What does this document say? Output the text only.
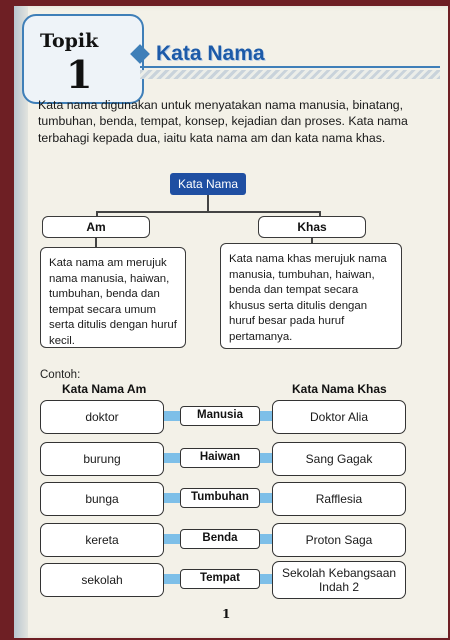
Topik
1	Kata Nama
Kata nama digunakan untuk menyatakan nama manusia, binatang, tumbuhan, benda, tempat, konsep, kejadian dan proses. Kata nama terbahagi kepada dua, iaitu kata nama am dan kata nama khas.
Kata Nama
Am	Khas
Kata nama am merujuk nama manusia, haiwan, tumbuhan, benda dan tempat secara umum serta ditulis dengan huruf kecil.
Kata nama khas merujuk nama manusia, tumbuhan, haiwan, benda dan tempat secara khusus serta ditulis dengan huruf besar pada huruf pertamanya.
Contoh:
Kata Nama Am	Kata Nama Khas
doktor	Manusia	Doktor Alia
burung	Haiwan	Sang Gagak
bunga	Tumbuhan	Rafflesia
kereta	Benda	Proton Saga
sekolah	Tempat	Sekolah Kebangsaan Indah 2
1
